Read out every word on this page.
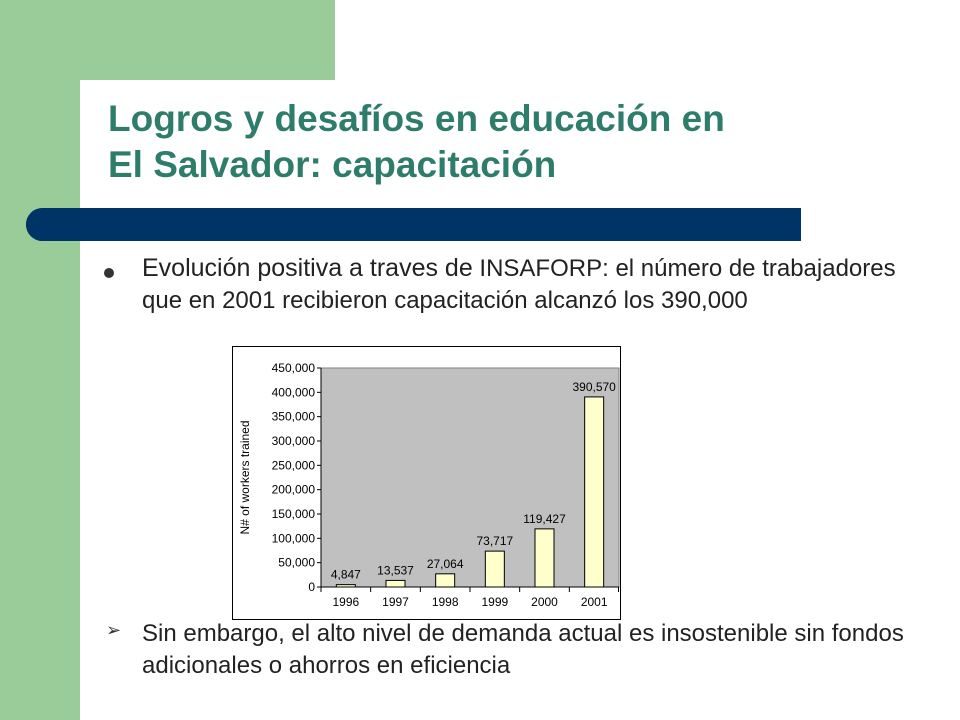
Logros y desafíos en educación en
El Salvador: capacitación
Evolución positiva a traves de INSAFORP: el número de trabajadores que en 2001 recibieron capacitación alcanzó los 390,000
0
50,000
100,000
150,000
200,000
250,000
300,000
350,000
400,000
450,000
N# of workers trained
4,847
1996
13,537
1997
27,064
1998
73,717
1999
119,427
2000
390,570
2001
➢ Sin embargo, el alto nivel de demanda actual es insostenible sin fondos adicionales o ahorros en eficiencia
